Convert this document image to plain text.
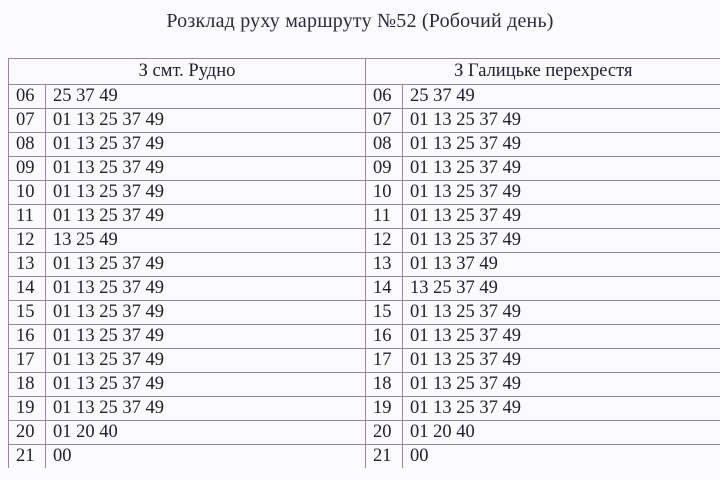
Розклад руху маршруту №52 (Робочий день)
З смт. Рудно		З Галицьке перехрестя	
06	25 37 49	06	25 37 49
07	01 13 25 37 49	07	01 13 25 37 49
08	01 13 25 37 49	08	01 13 25 37 49
09	01 13 25 37 49	09	01 13 25 37 49
10	01 13 25 37 49	10	01 13 25 37 49
11	01 13 25 37 49	11	01 13 25 37 49
12	13 25 49	12	01 13 25 37 49
13	01 13 25 37 49	13	01 13 37 49
14	01 13 25 37 49	14	13 25 37 49
15	01 13 25 37 49	15	01 13 25 37 49
16	01 13 25 37 49	16	01 13 25 37 49
17	01 13 25 37 49	17	01 13 25 37 49
18	01 13 25 37 49	18	01 13 25 37 49
19	01 13 25 37 49	19	01 13 25 37 49
20	01 20 40	20	01 20 40
21	00	21	00
